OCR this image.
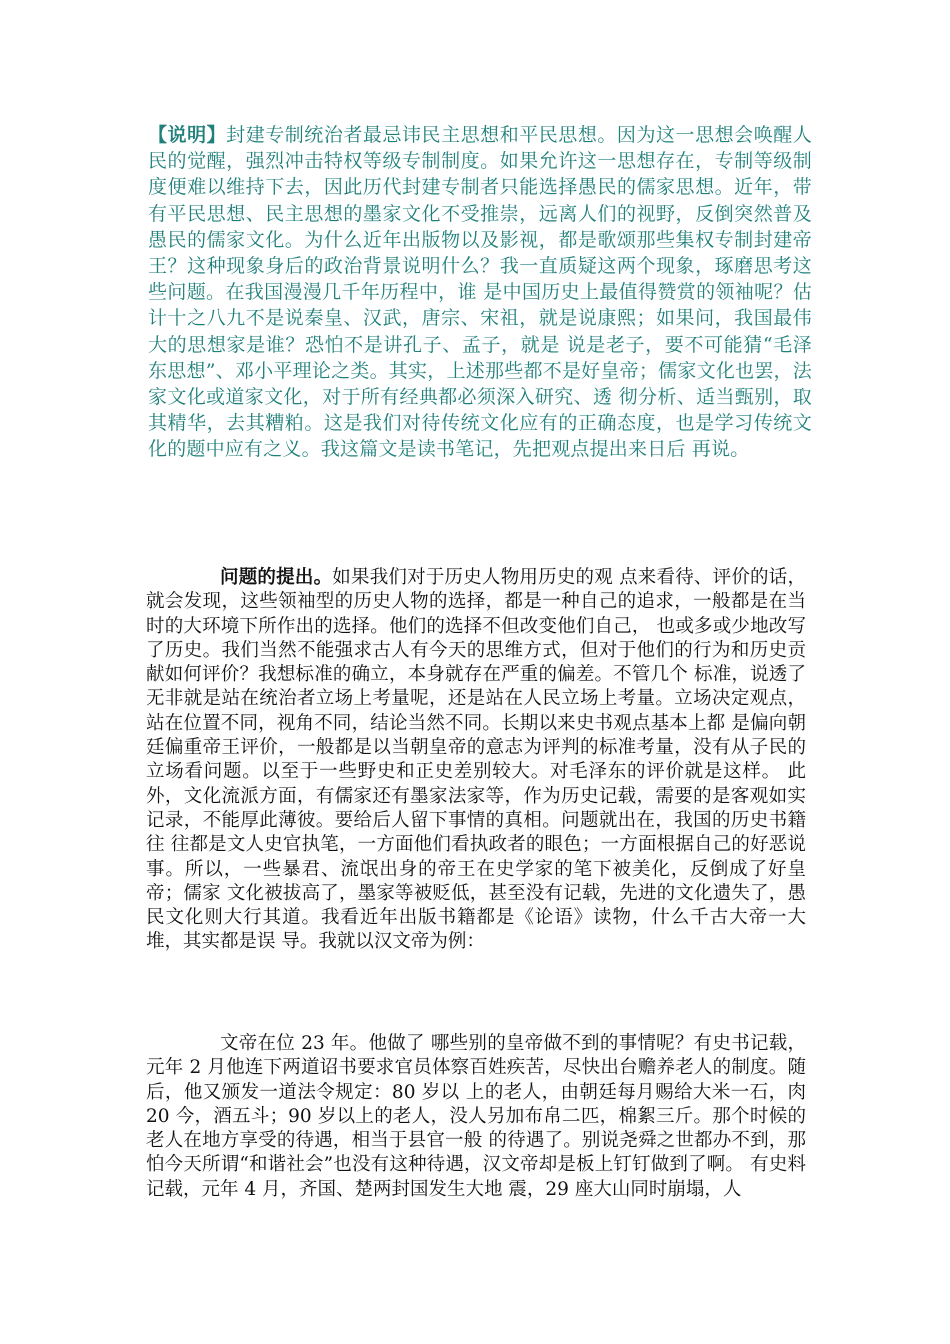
【说明】封建专制统治者最忌讳民主思想和平民思想。因为这一思想会唤醒人民的觉醒，强烈冲击特权等级专制制度。如果允许这一思想存在，专制等级制度便难以维持下去，因此历代封建专制者只能选择愚民的儒家思想。近年，带有平民思想、民主思想的墨家文化不受推崇，远离人们的视野，反倒突然普及愚民的儒家文化。为什么近年出版物以及影视，都是歌颂那些集权专制封建帝王？这种现象身后的政治背景说明什么？我一直质疑这两个现象，琢磨思考这些问题。在我国漫漫几千年历程中，谁 是中国历史上最值得赞赏的领袖呢？估计十之八九不是说秦皇、汉武，唐宗、宋祖，就是说康熙；如果问，我国最伟大的思想家是谁？恐怕不是讲孔子、孟子，就是 说是老子，要不可能猜“毛泽东思想”、邓小平理论之类。其实，上述那些都不是好皇帝；儒家文化也罢，法家文化或道家文化，对于所有经典都必须深入研究、透 彻分析、适当甄别，取其精华，去其糟粕。这是我们对待传统文化应有的正确态度，也是学习传统文化的题中应有之义。我这篇文是读书笔记，先把观点提出来日后 再说。

问题的提出。如果我们对于历史人物用历史的观 点来看待、评价的话，就会发现，这些领袖型的历史人物的选择，都是一种自己的追求，一般都是在当时的大环境下所作出的选择。他们的选择不但改变他们自己， 也或多或少地改写了历史。我们当然不能强求古人有今天的思维方式，但对于他们的行为和历史贡献如何评价？我想标准的确立，本身就存在严重的偏差。不管几个 标准，说透了无非就是站在统治者立场上考量呢，还是站在人民立场上考量。立场决定观点，站在位置不同，视角不同，结论当然不同。长期以来史书观点基本上都 是偏向朝廷偏重帝王评价，一般都是以当朝皇帝的意志为评判的标准考量，没有从子民的立场看问题。以至于一些野史和正史差别较大。对毛泽东的评价就是这样。 此外，文化流派方面，有儒家还有墨家法家等，作为历史记载，需要的是客观如实记录，不能厚此薄彼。要给后人留下事情的真相。问题就出在，我国的历史书籍往 往都是文人史官执笔，一方面他们看执政者的眼色；一方面根据自己的好恶说事。所以，一些暴君、流氓出身的帝王在史学家的笔下被美化，反倒成了好皇帝；儒家 文化被拔高了，墨家等被贬低，甚至没有记载，先进的文化遗失了，愚民文化则大行其道。我看近年出版书籍都是《论语》读物，什么千古大帝一大堆，其实都是误 导。我就以汉文帝为例：

文帝在位 23 年。他做了 哪些别的皇帝做不到的事情呢？有史书记载，元年 2 月他连下两道诏书要求官员体察百姓疾苦，尽快出台赡养老人的制度。随后，他又颁发一道法令规定：80 岁以 上的老人，由朝廷每月赐给大米一石，肉 20 今，酒五斗；90 岁以上的老人，没人另加布帛二匹，棉絮三斤。那个时候的老人在地方享受的待遇，相当于县官一般 的待遇了。别说尧舜之世都办不到，那怕今天所谓“和谐社会”也没有这种待遇，汉文帝却是板上钉钉做到了啊。 有史料记载，元年 4 月，齐国、楚两封国发生大地 震，29 座大山同时崩塌，人
